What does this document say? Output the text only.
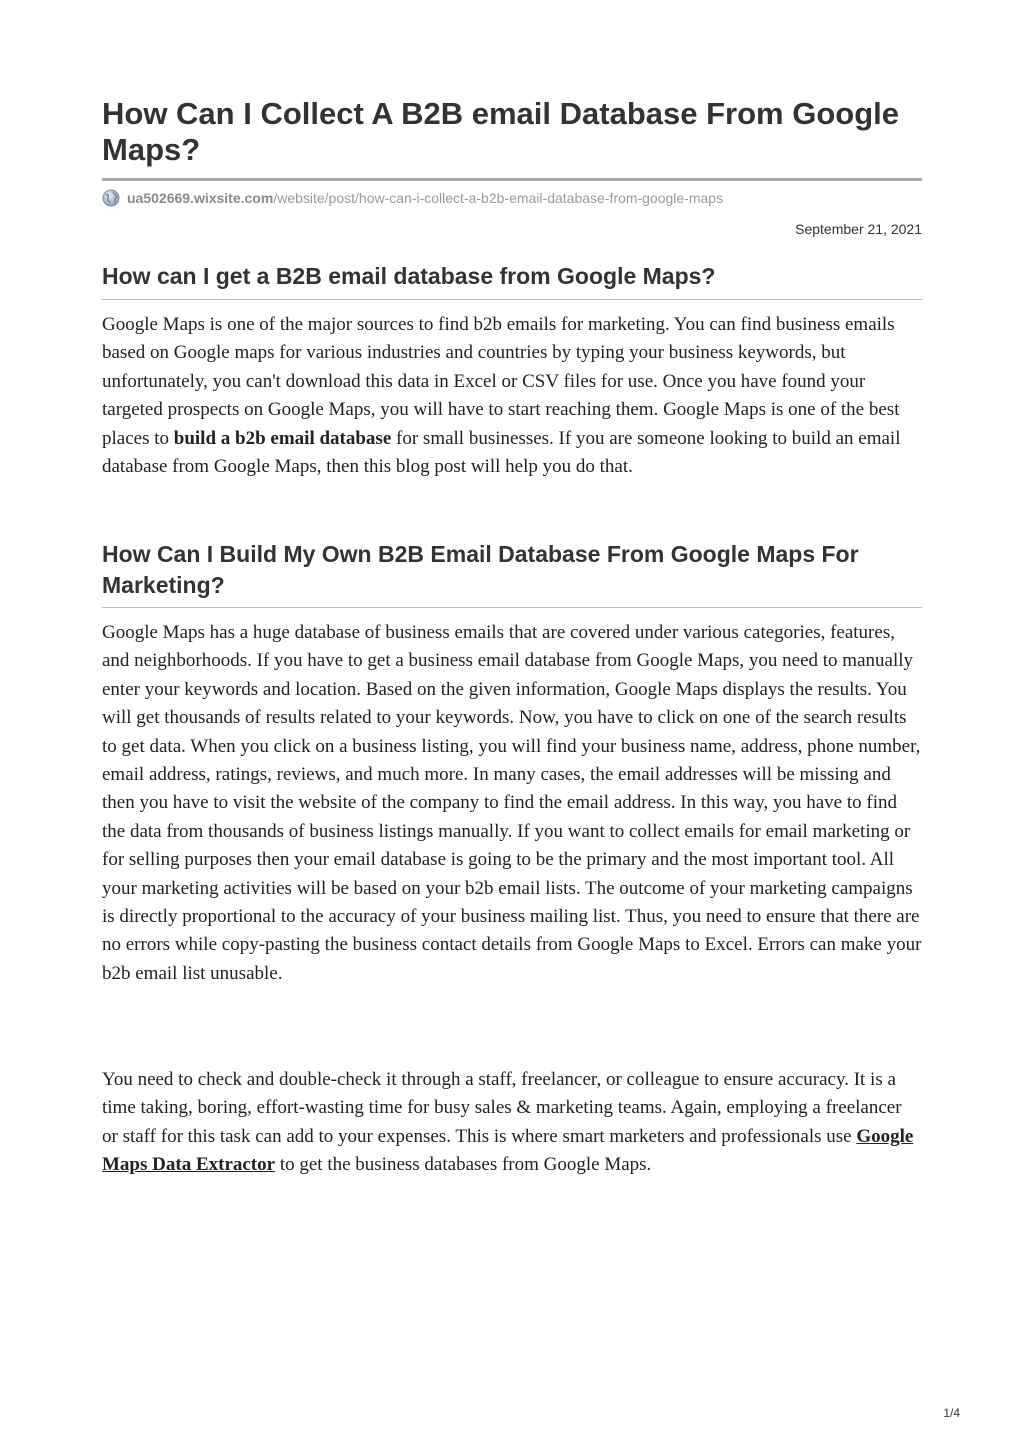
How Can I Collect A B2B email Database From Google Maps?
ua502669.wixsite.com /website/post/how-can-i-collect-a-b2b-email-database-from-google-maps
September 21, 2021
How can I get a B2B email database from Google Maps?

Google Maps is one of the major sources to find b2b emails for marketing. You can find business emails based on Google maps for various industries and countries by typing your business keywords, but unfortunately, you can't download this data in Excel or CSV files for use. Once you have found your targeted prospects on Google Maps, you will have to start reaching them. Google Maps is one of the best places to build a b2b email database for small businesses. If you are someone looking to build an email database from Google Maps, then this blog post will help you do that.

How Can I Build My Own B2B Email Database From Google Maps For Marketing?

Google Maps has a huge database of business emails that are covered under various categories, features, and neighborhoods. If you have to get a business email database from Google Maps, you need to manually enter your keywords and location. Based on the given information, Google Maps displays the results. You will get thousands of results related to your keywords. Now, you have to click on one of the search results to get data. When you click on a business listing, you will find your business name, address, phone number, email address, ratings, reviews, and much more. In many cases, the email addresses will be missing and then you have to visit the website of the company to find the email address. In this way, you have to find the data from thousands of business listings manually. If you want to collect emails for email marketing or for selling purposes then your email database is going to be the primary and the most important tool. All your marketing activities will be based on your b2b email lists. The outcome of your marketing campaigns is directly proportional to the accuracy of your business mailing list. Thus, you need to ensure that there are no errors while copy-pasting the business contact details from Google Maps to Excel. Errors can make your b2b email list unusable.

You need to check and double-check it through a staff, freelancer, or colleague to ensure accuracy. It is a time taking, boring, effort-wasting time for busy sales & marketing teams. Again, employing a freelancer or staff for this task can add to your expenses. This is where smart marketers and professionals use Google Maps Data Extractor to get the business databases from Google Maps.

1/4
